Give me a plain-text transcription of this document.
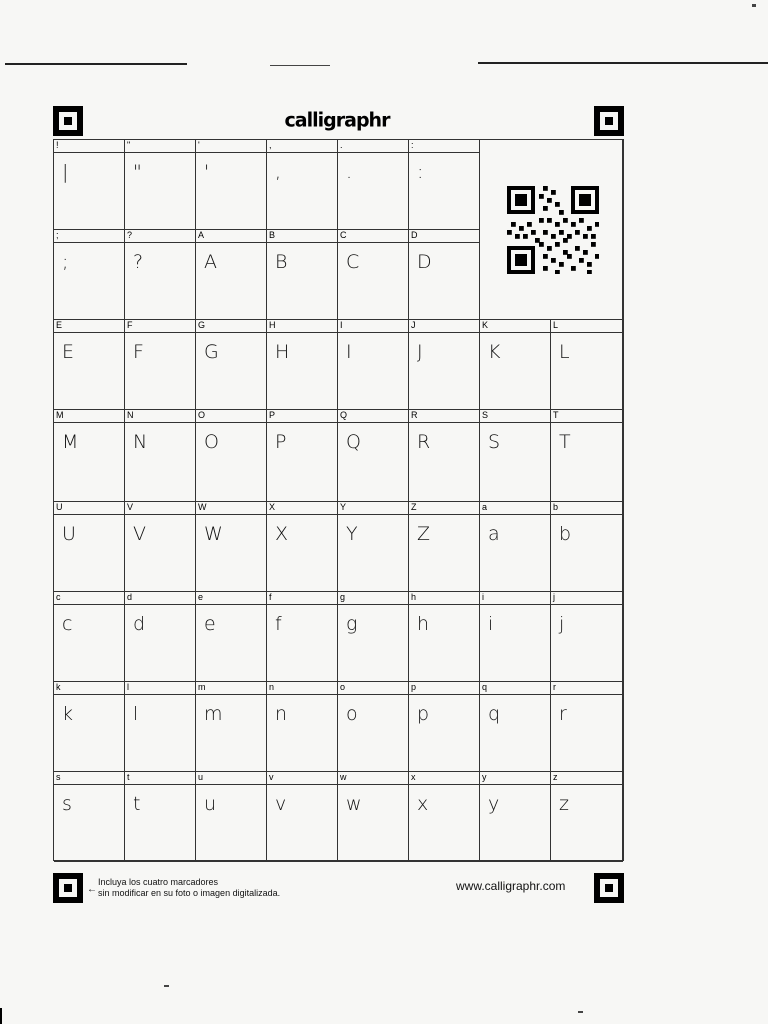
calligraphr
!
|
"
"
'
'
,
,
.
.
:
:
;
;
?
?
A
A
B
B
C
C
D
D
E
E
F
F
G
G
H
H
I
I
J
J
K
K
L
L
M
M
N
N
O
O
P
P
Q
Q
R
R
S
S
T
T
U
U
V
V
W
W
X
X
Y
Y
Z
Z
a
a
b
b
c
c
d
d
e
e
f
f
g
g
h
h
i
i
j
j
k
k
l
l
m
m
n
n
o
o
p
p
q
q
r
r
s
s
t
t
u
u
v
v
w
w
x
x
y
y
z
z
←
Incluya los cuatro marcadores
sin modificar en su foto o imagen digitalizada.	www.calligraphr.com
